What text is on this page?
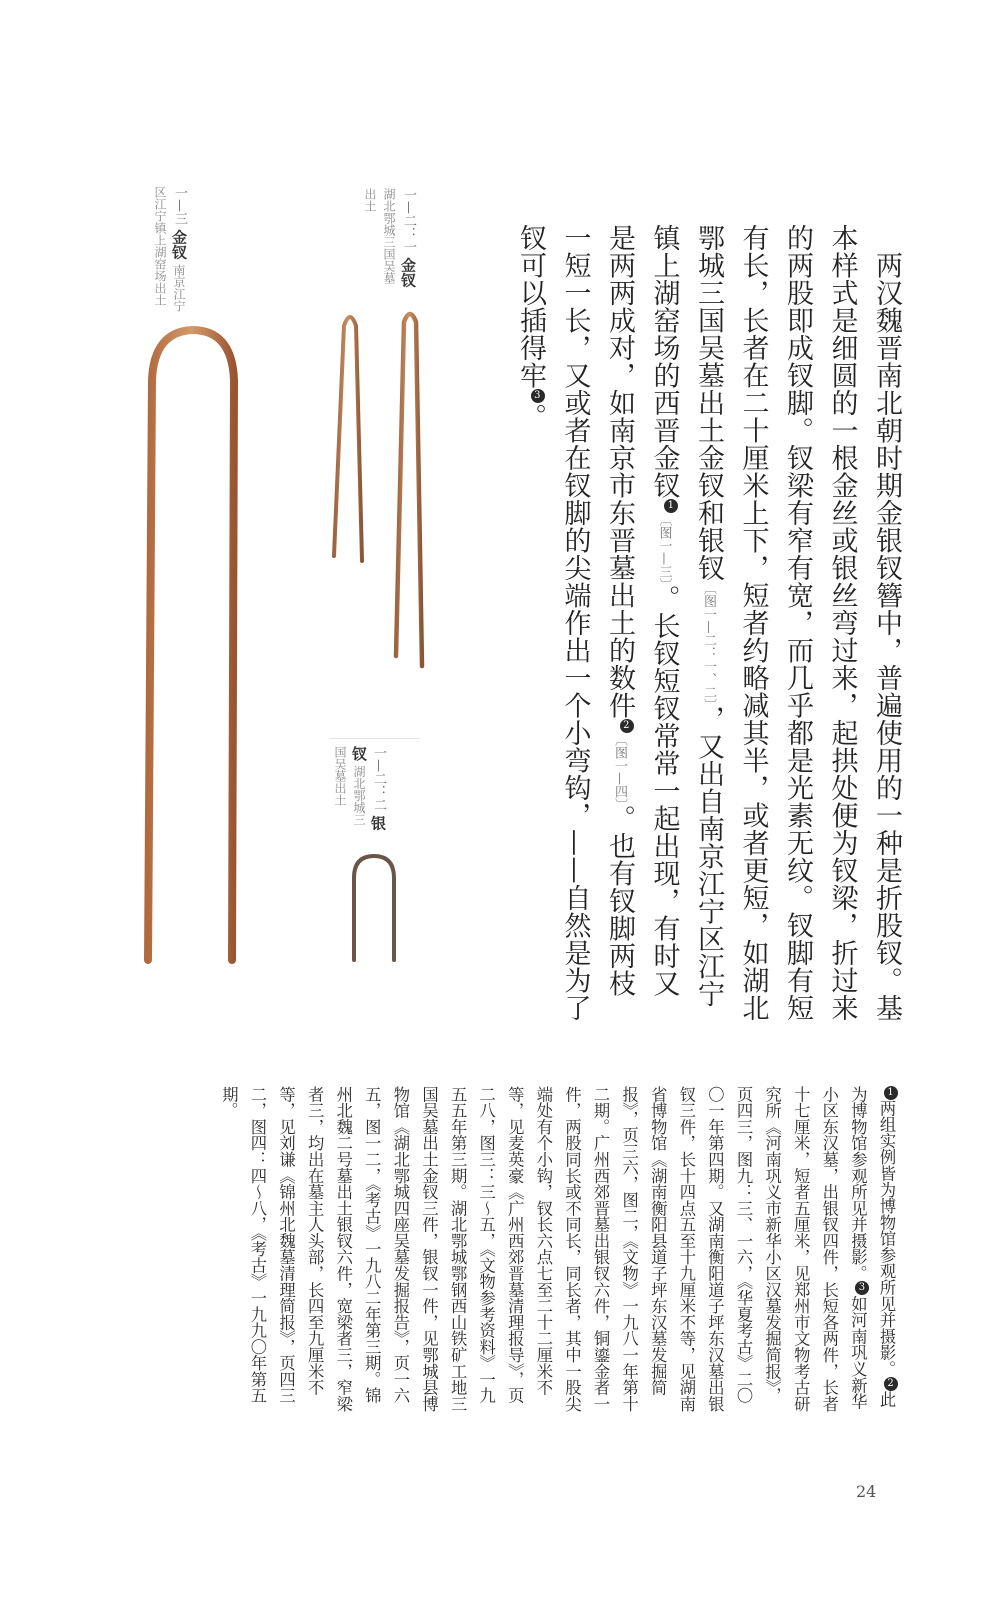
　两汉魏晋南北朝时期金银钗簪中，普遍使用的一种是折股钗。基本样式是细圆的一根金丝或银丝弯过来，起拱处便为钗梁，折过来的两股即成钗脚。钗梁有窄有宽，而几乎都是光素无纹。钗脚有短有长，长者在二十厘米上下，短者约略减其半，或者更短，如湖北鄂城三国吴墓出土金钗和银钗〔图一—二：一、二〕，又出自南京江宁区江宁镇上湖窑场的西晋金钗1〔图一—三〕。长钗短钗常常一起出现，有时又是两两成对，如南京市东晋墓出土的数件2〔图一—四〕。也有钗脚两枝一短一长，又或者在钗脚的尖端作出一个小弯钩，——自然是为了钗可以插得牢3。
一—三 金钗 南京江宁区江宁镇上湖窑场出土	一—二：一 金钗 湖北鄂城三国吴墓出土
一—二：二 银钗 湖北鄂城三国吴墓出土
1两组实例皆为博物馆参观所见并摄影。2此为博物馆参观所见并摄影。3如河南巩义新华小区东汉墓，出银钗四件，长短各两件，长者十七厘米，短者五厘米，见郑州市文物考古研究所《河南巩义市新华小区汉墓发掘简报》，页四三，图九：三、一六，《华夏考古》二〇〇一年第四期。又湖南衡阳道子坪东汉墓出银钗三件，长十四点五至十九厘米不等，见湖南省博物馆《湖南衡阳县道子坪东汉墓发掘简报》，页三六，图二，《文物》一九八一年第十二期。广州西郊晋墓出银钗六件，铜鎏金者一件，两股同长或不同长，同长者，其中一股尖端处有个小钩，钗长六点七至二十二厘米不等，见麦英豪《广州西郊晋墓清理报导》，页二八，图三：三～五，《文物参考资料》一九五五年第三期。湖北鄂城鄂钢西山铁矿工地三国吴墓出土金钗三件，银钗一件，见鄂城县博物馆《湖北鄂城四座吴墓发掘报告》，页一六五，图一二，《考古》一九八二年第三期。锦州北魏二号墓出土银钗六件，宽梁者三，窄梁者三，均出在墓主人头部，长四至九厘米不等，见刘谦《锦州北魏墓清理简报》，页四三二，图四：四～八，《考古》一九九〇年第五期。
24
